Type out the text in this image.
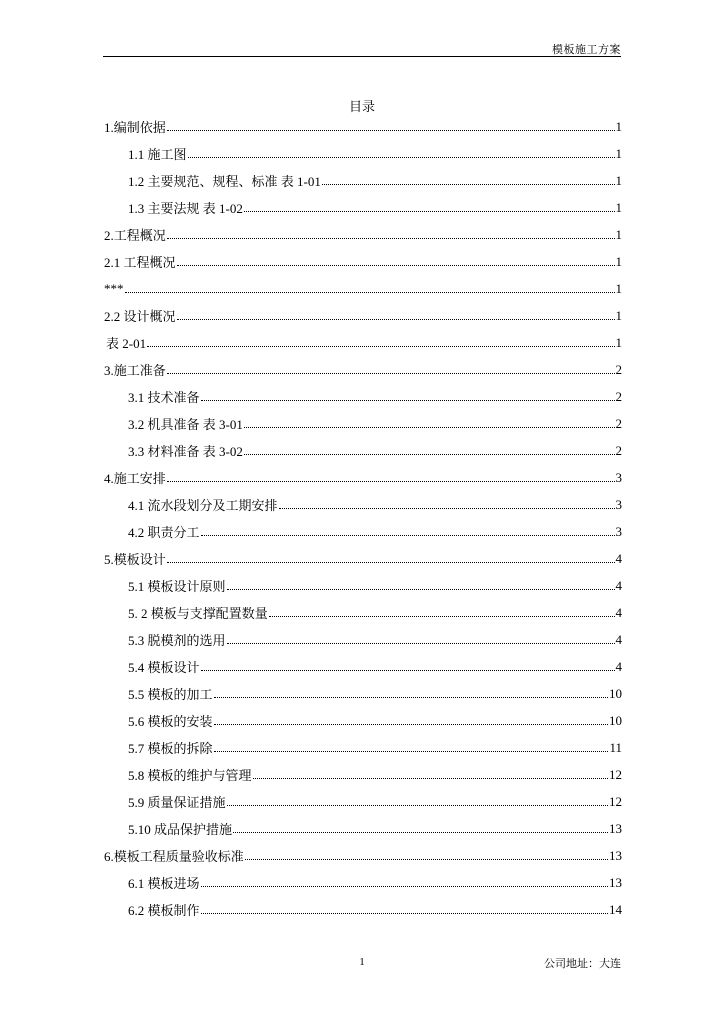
模板施工方案
目录
1.编制依据	1
1.1 施工图	1
1.2 主要规范、规程、标准 表 1-01	1
1.3 主要法规 表 1-02	1
2.工程概况	1
2.1 工程概况	1
***	1
2.2 设计概况	1
表 2-01	1
3.施工准备	2
3.1 技术准备	2
3.2 机具准备 表 3-01	2
3.3 材料准备 表 3-02	2
4.施工安排	3
4.1 流水段划分及工期安排	3
4.2 职责分工	3
5.模板设计	4
5.1 模板设计原则	4
5. 2 模板与支撑配置数量	4
5.3 脱模剂的选用	4
5.4 模板设计	4
5.5 模板的加工	10
5.6 模板的安装	10
5.7 模板的拆除	11
5.8 模板的维护与管理	12
5.9 质量保证措施	12
5.10 成品保护措施	13
6.模板工程质量验收标准	13
6.1 模板进场	13
6.2 模板制作	14
1	公司地址：大连
